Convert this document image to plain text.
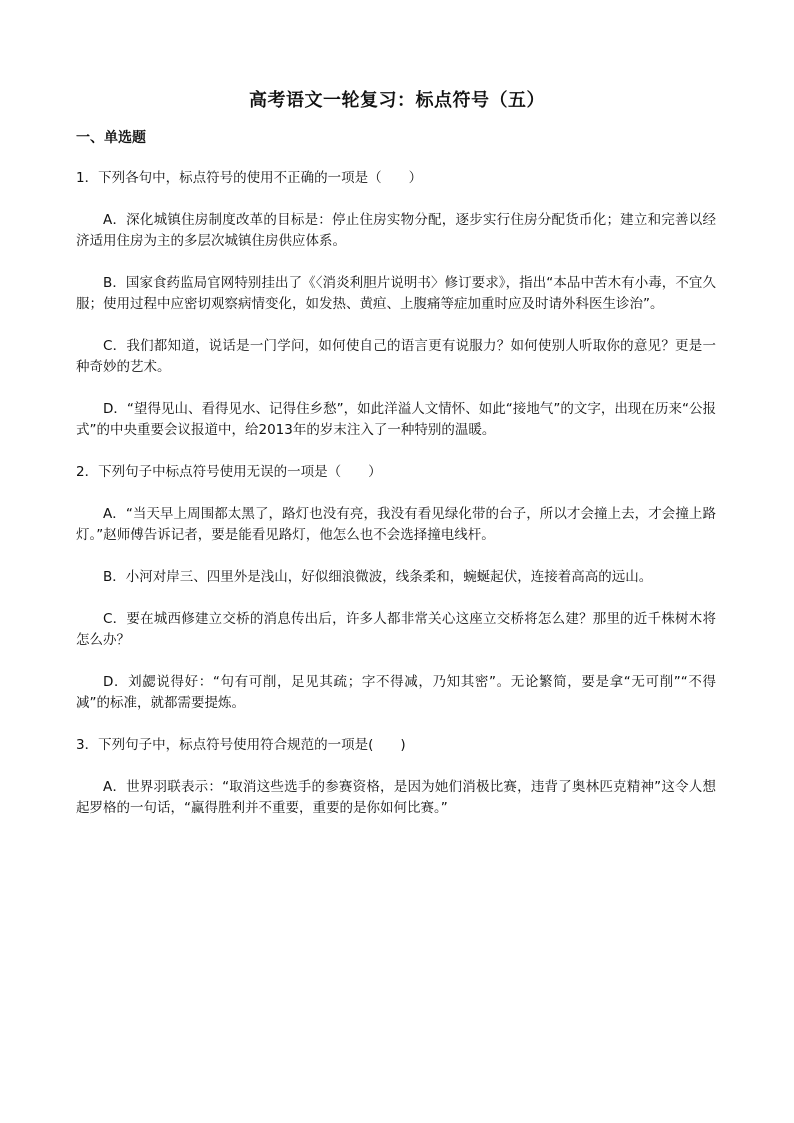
高考语文一轮复习：标点符号（五）
一、单选题

1．下列各句中，标点符号的使用不正确的一项是（　　）

A．深化城镇住房制度改革的目标是：停止住房实物分配，逐步实行住房分配货币化；建立和完善以经济适用住房为主的多层次城镇住房供应体系。

B．国家食药监局官网特别挂出了《〈消炎利胆片说明书〉修订要求》，指出“本品中苦木有小毒，不宜久服；使用过程中应密切观察病情变化，如发热、黄疸、上腹痛等症加重时应及时请外科医生诊治”。

C．我们都知道，说话是一门学问，如何使自己的语言更有说服力？如何使别人听取你的意见？更是一种奇妙的艺术。

D．“望得见山、看得见水、记得住乡愁”，如此洋溢人文情怀、如此“接地气”的文字，出现在历来“公报式”的中央重要会议报道中，给2013年的岁末注入了一种特别的温暖。

2．下列句子中标点符号使用无误的一项是（　　）

A．“当天早上周围都太黑了，路灯也没有亮，我没有看见绿化带的台子，所以才会撞上去，才会撞上路灯。”赵师傅告诉记者，要是能看见路灯，他怎么也不会选择撞电线杆。

B．小河对岸三、四里外是浅山，好似细浪微波，线条柔和，蜿蜒起伏，连接着高高的远山。

C．要在城西修建立交桥的消息传出后，许多人都非常关心这座立交桥将怎么建？那里的近千株树木将怎么办？

D．刘勰说得好：“句有可削，足见其疏；字不得减，乃知其密”。无论繁简，要是拿“无可削”“不得减”的标准，就都需要提炼。

3．下列句子中，标点符号使用符合规范的一项是(　　)

A．世界羽联表示：“取消这些选手的参赛资格，是因为她们消极比赛，违背了奥林匹克精神”这令人想起罗格的一句话，“赢得胜利并不重要，重要的是你如何比赛。”
